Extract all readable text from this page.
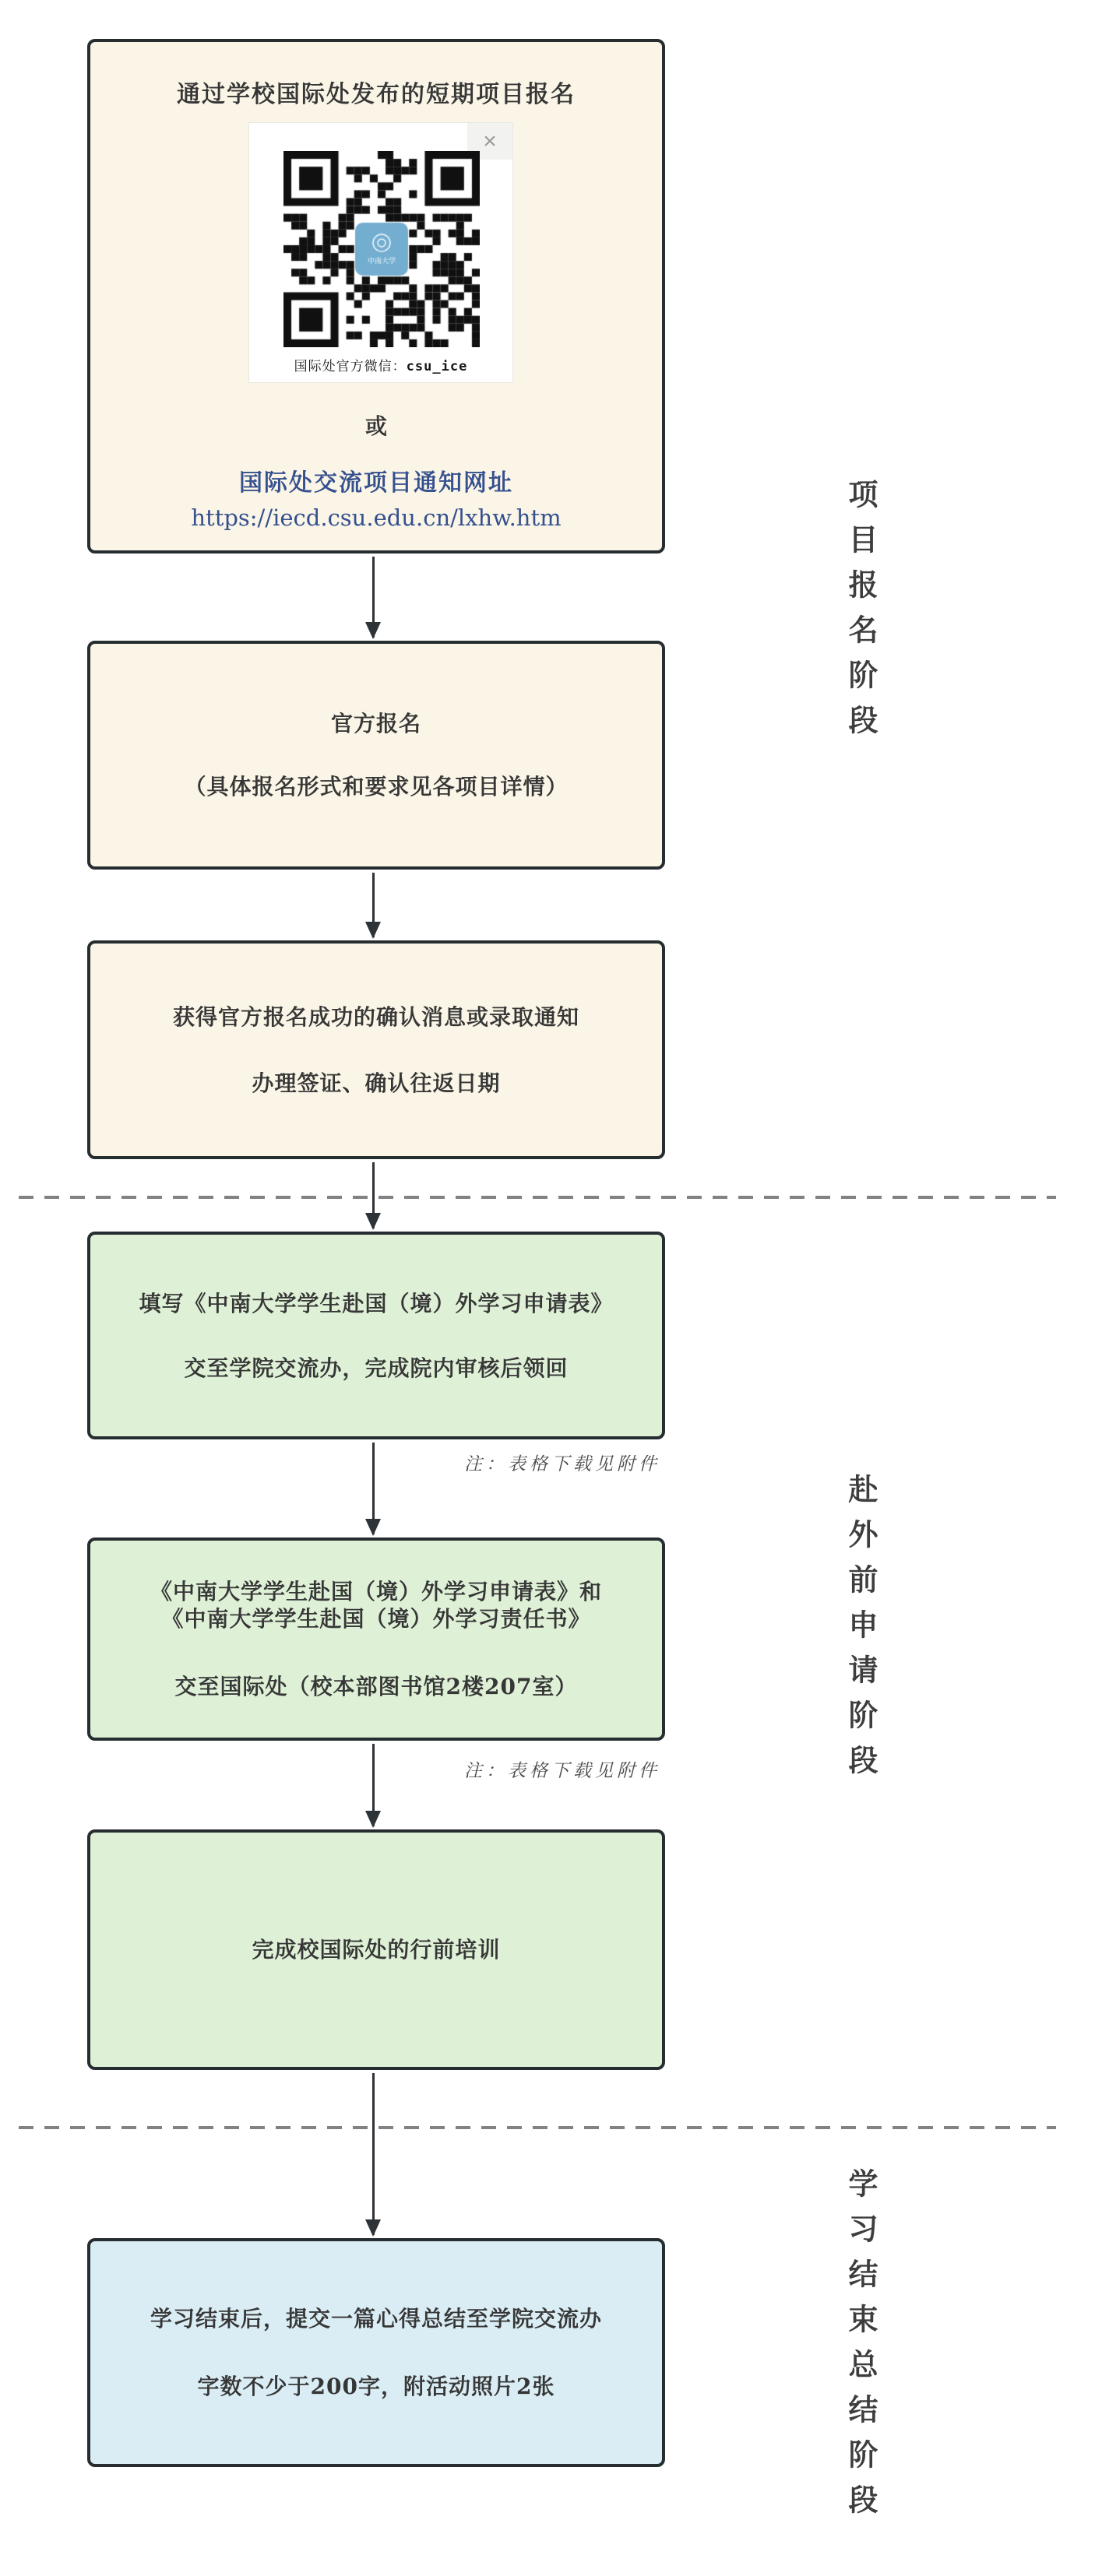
通过学校国际处发布的短期项目报名
×
国际处官方微信：csu_ice
或
国际处交流项目通知网址
https://iecd.csu.edu.cn/lxhw.htm
官方报名
（具体报名形式和要求见各项目详情）
获得官方报名成功的确认消息或录取通知
办理签证、确认往返日期
填写《中南大学学生赴国（境）外学习申请表》
交至学院交流办，完成院内审核后领回
注：表格下载见附件
《中南大学学生赴国（境）外学习申请表》和
《中南大学学生赴国（境）外学习责任书》
交至国际处（校本部图书馆2楼207室）
注：表格下载见附件
完成校国际处的行前培训
学习结束后，提交一篇心得总结至学院交流办
字数不少于200字，附活动照片2张
项目报名阶段
赴外前申请阶段
学习结束总结阶段
